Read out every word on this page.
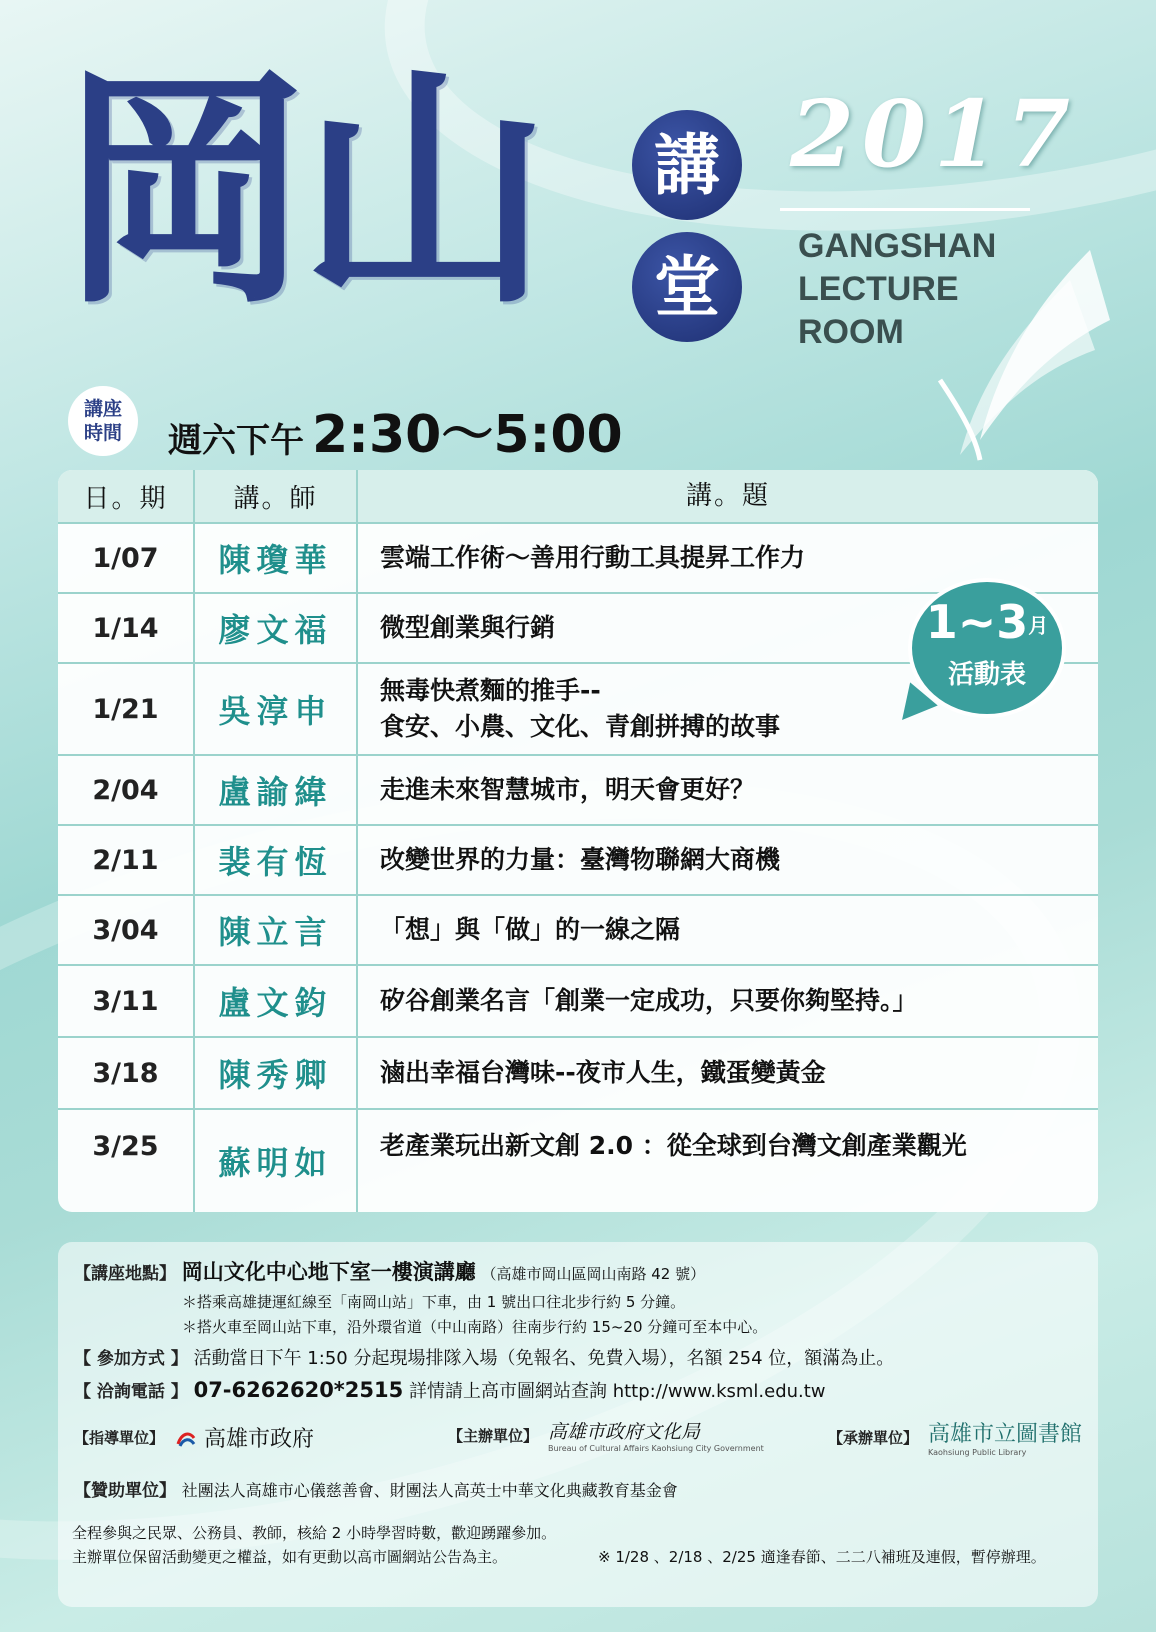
岡山	講
堂
2017
GANGSHAN
LECTURE
ROOM
講座
時間	週六下午 2:30～5:00
日。期	講。師	講。題
1/07	陳瓊華	雲端工作術～善用行動工具提昇工作力
1/14	廖文福	微型創業與行銷
1/21	吳淳申
無毒快煮麵的推手--
食安、小農、文化、青創拼搏的故事
2/04	盧諭緯	走進未來智慧城市，明天會更好？
2/11	裴有恆	改變世界的力量：臺灣物聯網大商機
3/04	陳立言	「想」與「做」的一線之隔
3/11	盧文鈞	矽谷創業名言「創業一定成功，只要你夠堅持。」
3/18	陳秀卿	滷出幸福台灣味--夜市人生，鐵蛋變黃金
3/25	蘇明如	老產業玩出新文創 2.0 ：從全球到台灣文創產業觀光
1~3月
活動表
【講座地點】 岡山文化中心地下室一樓演講廳 （高雄市岡山區岡山南路 42 號）
＊搭乘高雄捷運紅線至「南岡山站」下車，由 1 號出口往北步行約 5 分鐘。
＊搭火車至岡山站下車，沿外環省道（中山南路）往南步行約 15~20 分鐘可至本中心。
【 參加方式 】 活動當日下午 1:50 分起現場排隊入場（免報名、免費入場），名額 254 位，額滿為止。
【 洽詢電話 】 07-6262620*2515 詳情請上高市圖網站查詢 http://www.ksml.edu.tw
【指導單位】 高雄市政府	【主辦單位】 高雄市政府文化局
Bureau of Cultural Affairs Kaohsiung City Government
【承辦單位】 高雄市立圖書館
Kaohsiung Public Library
【贊助單位】 社團法人高雄市心儀慈善會、財團法人高英士中華文化典藏教育基金會
全程參與之民眾、公務員、教師，核給 2 小時學習時數，歡迎踴躍參加。
主辦單位保留活動變更之權益，如有更動以高市圖網站公告為主。	※ 1/28 、2/18 、2/25 適逢春節、二二八補班及連假，暫停辦理。
